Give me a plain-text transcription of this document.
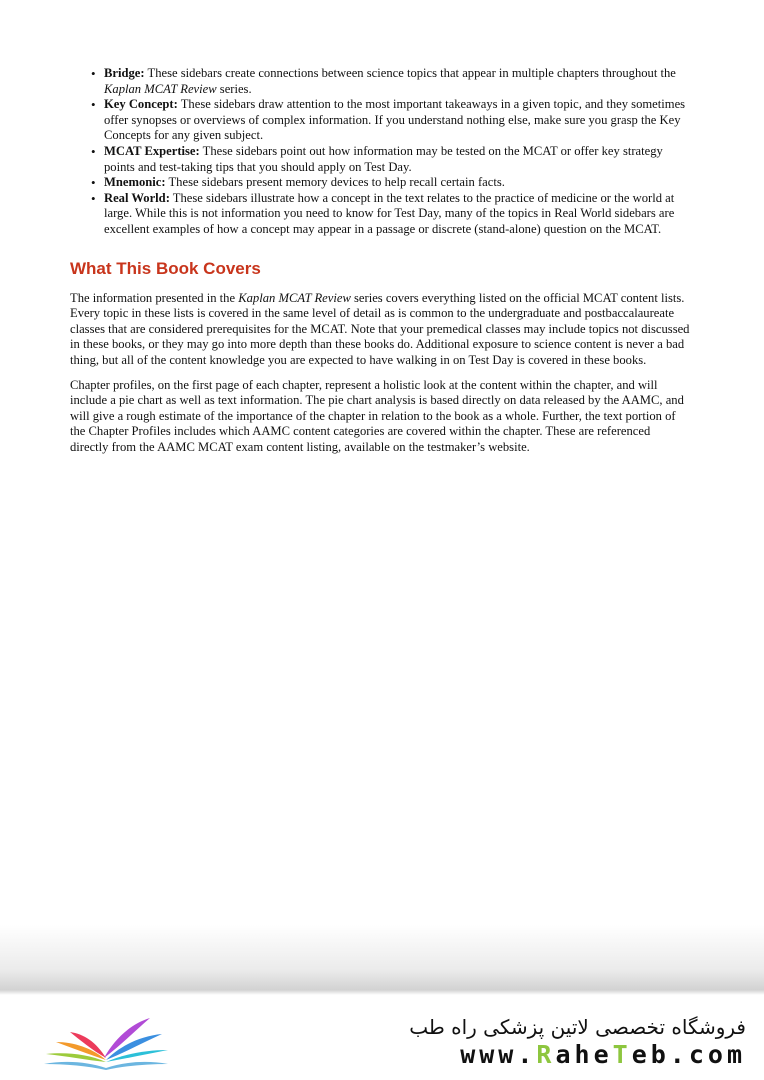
• Bridge: These sidebars create connections between science topics that appear in multiple chapters throughout the Kaplan MCAT Review series.
• Key Concept: These sidebars draw attention to the most important takeaways in a given topic, and they sometimes offer synopses or overviews of complex information. If you understand nothing else, make sure you grasp the Key Concepts for any given subject.
• MCAT Expertise: These sidebars point out how information may be tested on the MCAT or offer key strategy points and test-taking tips that you should apply on Test Day.
• Mnemonic: These sidebars present memory devices to help recall certain facts.
• Real World: These sidebars illustrate how a concept in the text relates to the practice of medicine or the world at large. While this is not information you need to know for Test Day, many of the topics in Real World sidebars are excellent examples of how a concept may appear in a passage or discrete (stand-alone) question on the MCAT.
What This Book Covers

The information presented in the Kaplan MCAT Review series covers everything listed on the official MCAT content lists. Every topic in these lists is covered in the same level of detail as is common to the undergraduate and postbaccalaureate classes that are considered prerequisites for the MCAT. Note that your premedical classes may include topics not discussed in these books, or they may go into more depth than these books do. Additional exposure to science content is never a bad thing, but all of the content knowledge you are expected to have walking in on Test Day is covered in these books.

Chapter profiles, on the first page of each chapter, represent a holistic look at the content within the chapter, and will include a pie chart as well as text information. The pie chart analysis is based directly on data released by the AAMC, and will give a rough estimate of the importance of the chapter in relation to the book as a whole. Further, the text portion of the Chapter Profiles includes which AAMC content categories are covered within the chapter. These are referenced directly from the AAMC MCAT exam content listing, available on the testmaker’s website.

فروشگاه تخصصی لاتین پزشکی راه طب
www.RaheTeb.com
